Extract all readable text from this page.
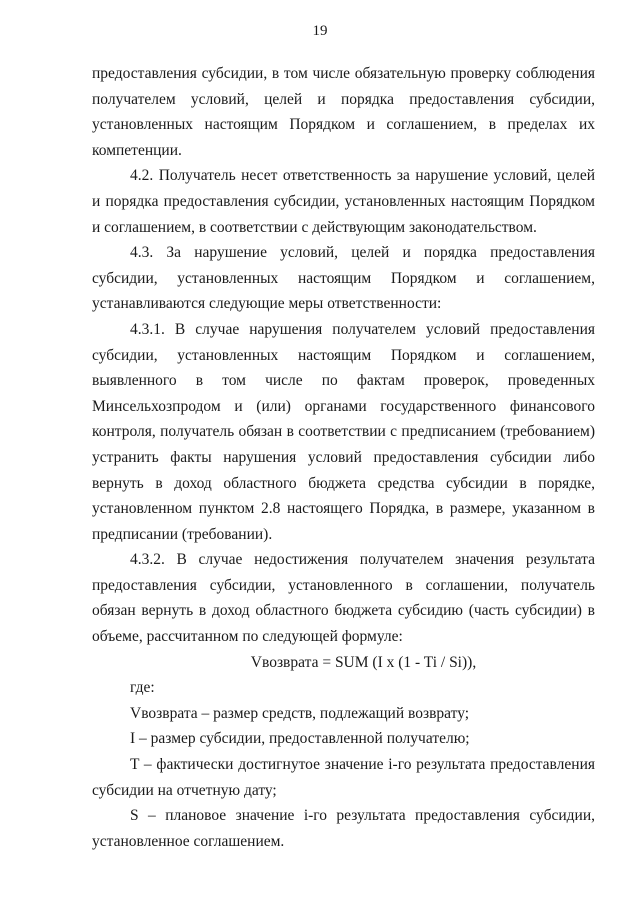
19

предоставления субсидии, в том числе обязательную проверку соблюдения получателем условий, целей и порядка предоставления субсидии, установленных настоящим Порядком и соглашением, в пределах их компетенции.

4.2. Получатель несет ответственность за нарушение условий, целей и порядка предоставления субсидии, установленных настоящим Порядком и соглашением, в соответствии с действующим законодательством.

4.3. За нарушение условий, целей и порядка предоставления субсидии, установленных настоящим Порядком и соглашением, устанавливаются следующие меры ответственности:

4.3.1. В случае нарушения получателем условий предоставления субсидии, установленных настоящим Порядком и соглашением, выявленного в том числе по фактам проверок, проведенных Минсельхозпродом и (или) органами государственного финансового контроля, получатель обязан в соответствии с предписанием (требованием) устранить факты нарушения условий предоставления субсидии либо вернуть в доход областного бюджета средства субсидии в порядке, установленном пунктом 2.8 настоящего Порядка, в размере, указанном в предписании (требовании).

4.3.2. В случае недостижения получателем значения результата предоставления субсидии, установленного в соглашении, получатель обязан вернуть в доход областного бюджета субсидию (часть субсидии) в объеме, рассчитанном по следующей формуле:

Vвозврата = SUM (I x (1 - Ti / Si)),

где:

Vвозврата – размер средств, подлежащий возврату;

I – размер субсидии, предоставленной получателю;

T – фактически достигнутое значение i-го результата предоставления субсидии на отчетную дату;

S – плановое значение i-го результата предоставления субсидии, установленное соглашением.
